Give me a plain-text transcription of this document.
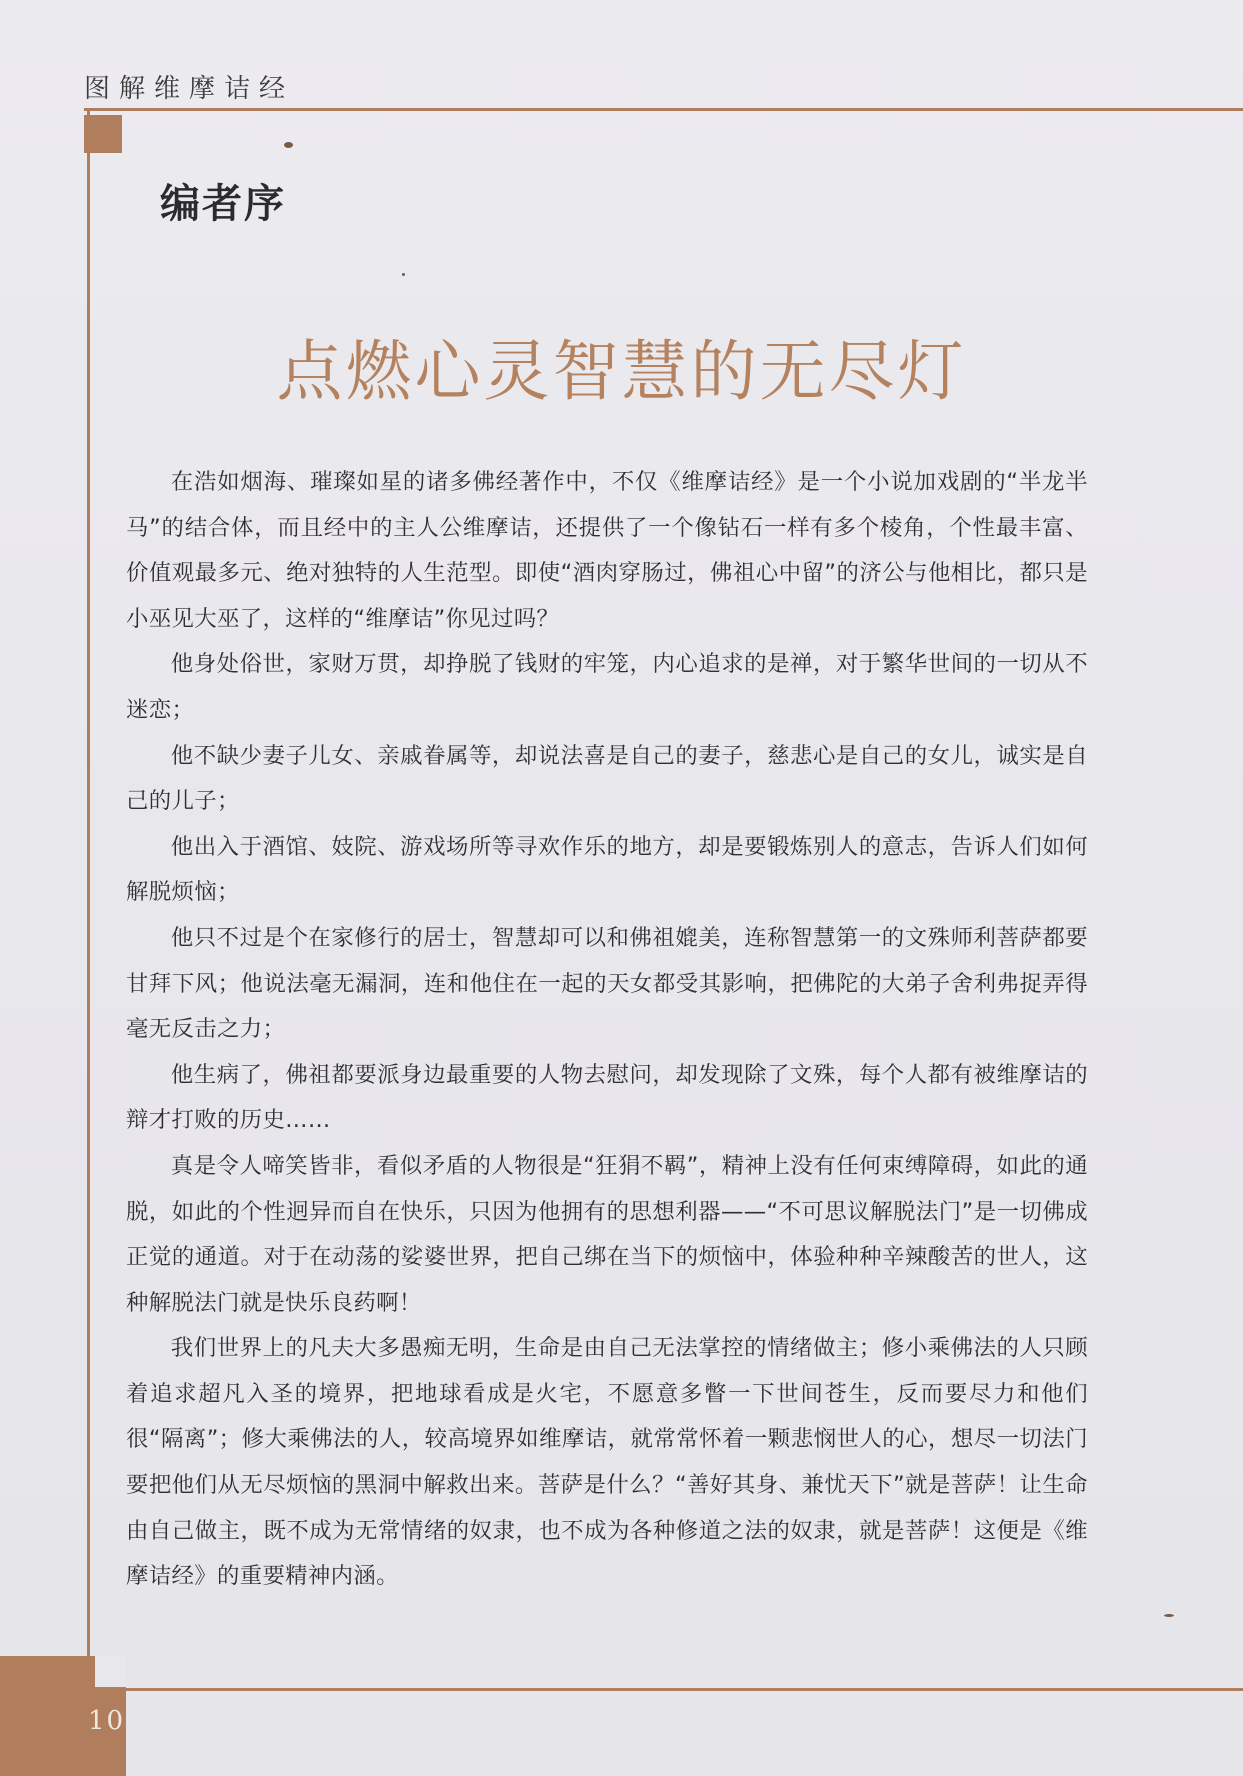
图解维摩诘经
10
编者序
点燃心灵智慧的无尽灯

在浩如烟海、璀璨如星的诸多佛经著作中，不仅《维摩诘经》是一个小说加戏剧的“半龙半马”的结合体，而且经中的主人公维摩诘，还提供了一个像钻石一样有多个棱角，个性最丰富、价值观最多元、绝对独特的人生范型。即使“酒肉穿肠过，佛祖心中留”的济公与他相比，都只是小巫见大巫了，这样的“维摩诘”你见过吗？

他身处俗世，家财万贯，却挣脱了钱财的牢笼，内心追求的是禅，对于繁华世间的一切从不迷恋；

他不缺少妻子儿女、亲戚眷属等，却说法喜是自己的妻子，慈悲心是自己的女儿，诚实是自己的儿子；

他出入于酒馆、妓院、游戏场所等寻欢作乐的地方，却是要锻炼别人的意志，告诉人们如何解脱烦恼；

他只不过是个在家修行的居士，智慧却可以和佛祖媲美，连称智慧第一的文殊师利菩萨都要甘拜下风；他说法毫无漏洞，连和他住在一起的天女都受其影响，把佛陀的大弟子舍利弗捉弄得毫无反击之力；

他生病了，佛祖都要派身边最重要的人物去慰问，却发现除了文殊，每个人都有被维摩诘的辩才打败的历史……

真是令人啼笑皆非，看似矛盾的人物很是“狂狷不羁”，精神上没有任何束缚障碍，如此的通脱，如此的个性迥异而自在快乐，只因为他拥有的思想利器——“不可思议解脱法门”是一切佛成正觉的通道。对于在动荡的娑婆世界，把自己绑在当下的烦恼中，体验种种辛辣酸苦的世人，这种解脱法门就是快乐良药啊！

我们世界上的凡夫大多愚痴无明，生命是由自己无法掌控的情绪做主；修小乘佛法的人只顾着追求超凡入圣的境界，把地球看成是火宅，不愿意多瞥一下世间苍生，反而要尽力和他们很“隔离”；修大乘佛法的人，较高境界如维摩诘，就常常怀着一颗悲悯世人的心，想尽一切法门要把他们从无尽烦恼的黑洞中解救出来。菩萨是什么？“善好其身、兼忧天下”就是菩萨！让生命由自己做主，既不成为无常情绪的奴隶，也不成为各种修道之法的奴隶，就是菩萨！这便是《维摩诘经》的重要精神内涵。
